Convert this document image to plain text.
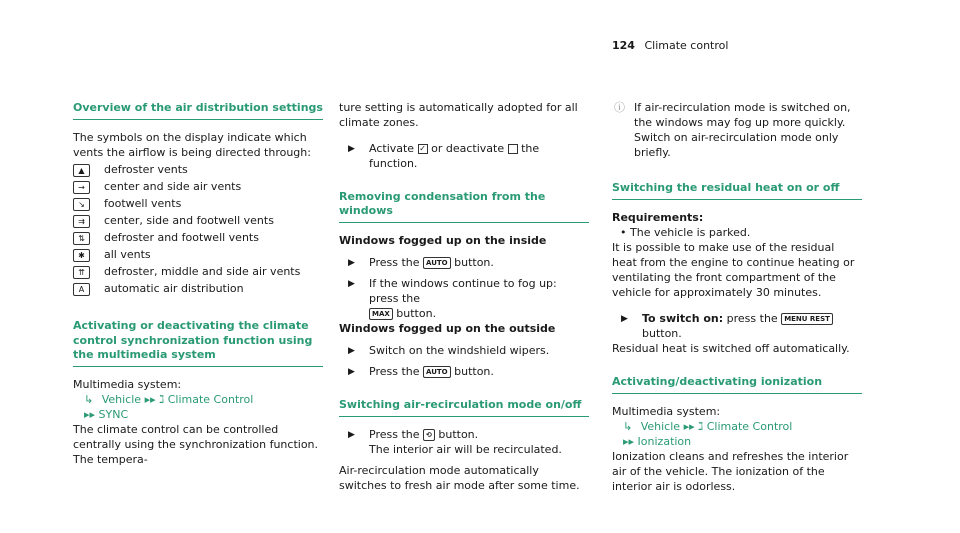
124 Climate control
Overview of the air distribution settings

The symbols on the display indicate which vents the airflow is being directed through:

▲	defroster vents
→	center and side air vents
↘	footwell vents
⇉	center, side and footwell vents
⇅	defroster and footwell vents
✱	all vents
⇈	defroster, middle and side air vents
A	automatic air distribution
Activating or deactivating the climate control synchronization function using the multimedia system

Multimedia system:

↳ Vehicle ▸▸ ℷ Climate Control
▸▸ SYNC

The climate control can be controlled centrally using the synchronization function. The tempera-

ture setting is automatically adopted for all climate zones.

▶	Activate ✓ or deactivate the function.
Removing condensation from the windows

Windows fogged up on the inside

▶	Press the AUTO button.
▶	If the windows continue to fog up: press the
MAX button.

Windows fogged up on the outside

▶	Switch on the windshield wipers.
▶	Press the AUTO button.
Switching air-recirculation mode on/off
▶	Press the ⟲ button.
The interior air will be recirculated.

Air-recirculation mode automatically switches to fresh air mode after some time.

ⓘ If air-recirculation mode is switched on, the windows may fog up more quickly. Switch on air-recirculation mode only briefly.
Switching the residual heat on or off

Requirements:

• The vehicle is parked.

It is possible to make use of the residual heat from the engine to continue heating or ventilating the front compartment of the vehicle for approximately 30 minutes.

▶	To switch on: press the MENU REST button.

Residual heat is switched off automatically.

Activating/deactivating ionization

Multimedia system:

↳ Vehicle ▸▸ ℷ Climate Control
▸▸ Ionization

Ionization cleans and refreshes the interior air of the vehicle. The ionization of the interior air is odorless.
